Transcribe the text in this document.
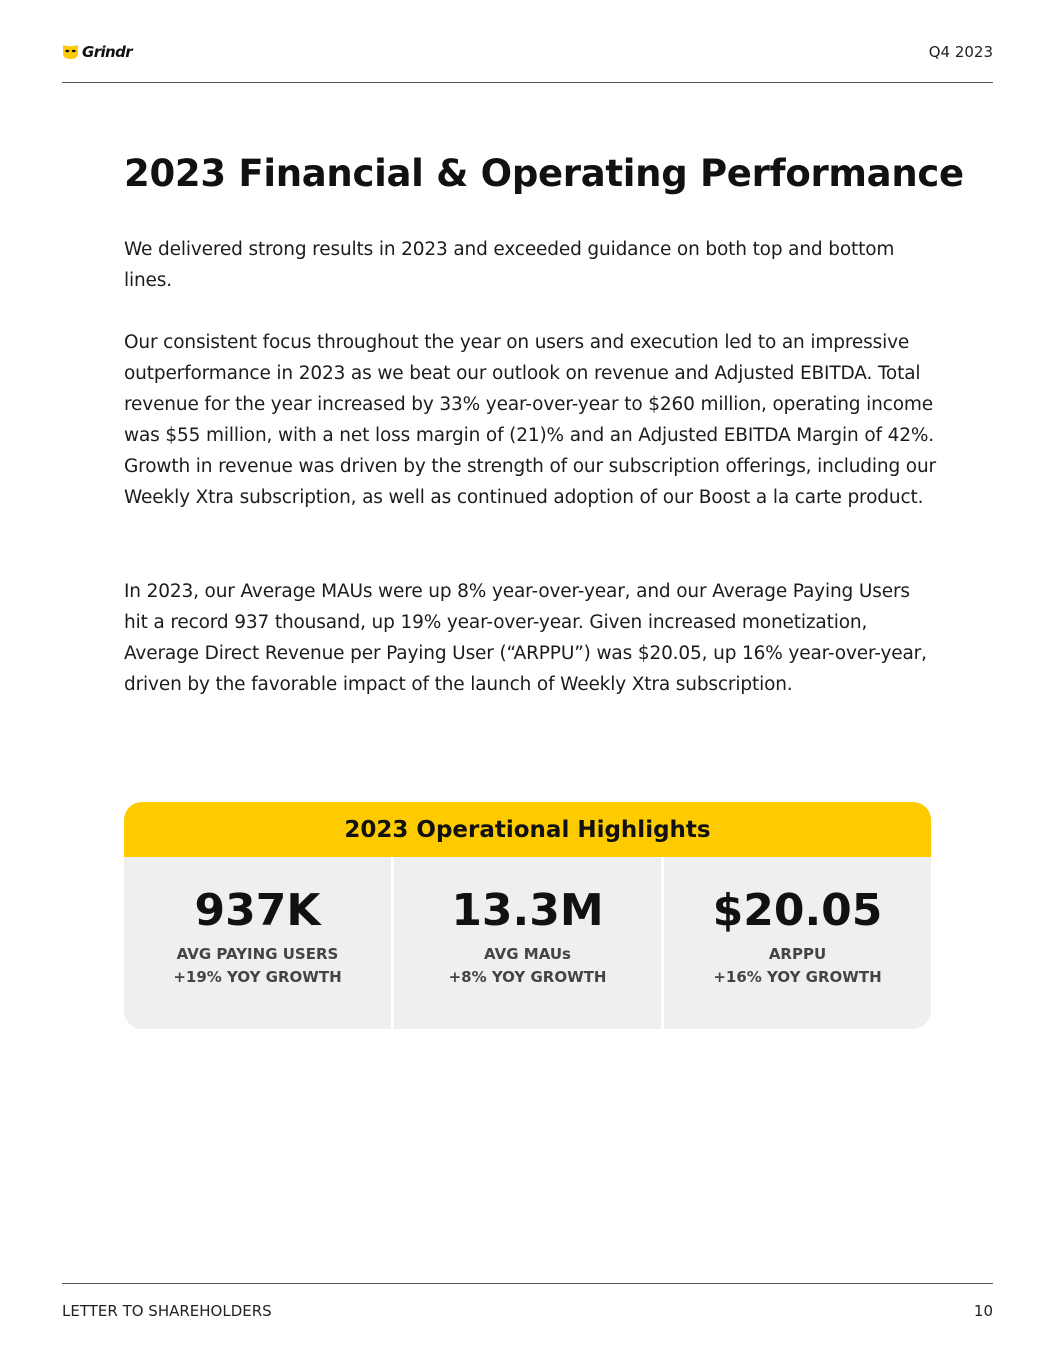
Grindr	Q4 2023
2023 Financial & Operating Performance

We delivered strong results in 2023 and exceeded guidance on both top and bottom lines.

Our consistent focus throughout the year on users and execution led to an impressive outperformance in 2023 as we beat our outlook on revenue and Adjusted EBITDA. Total revenue for the year increased by 33% year-over-year to $260 million, operating income was $55 million, with a net loss margin of (21)% and an Adjusted EBITDA Margin of 42%. Growth in revenue was driven by the strength of our subscription offerings, including our Weekly Xtra subscription, as well as continued adoption of our Boost a la carte product.

In 2023, our Average MAUs were up 8% year-over-year, and our Average Paying Users hit a record 937 thousand, up 19% year-over-year. Given increased monetization, Average Direct Revenue per Paying User (“ARPPU”) was $20.05, up 16% year-over-year, driven by the favorable impact of the launch of Weekly Xtra subscription.

2023 Operational Highlights
937K
AVG PAYING USERS
+19% YOY GROWTH
13.3M
AVG MAUs
+8% YOY GROWTH
$20.05
ARPPU
+16% YOY GROWTH
LETTER TO SHAREHOLDERS	10
